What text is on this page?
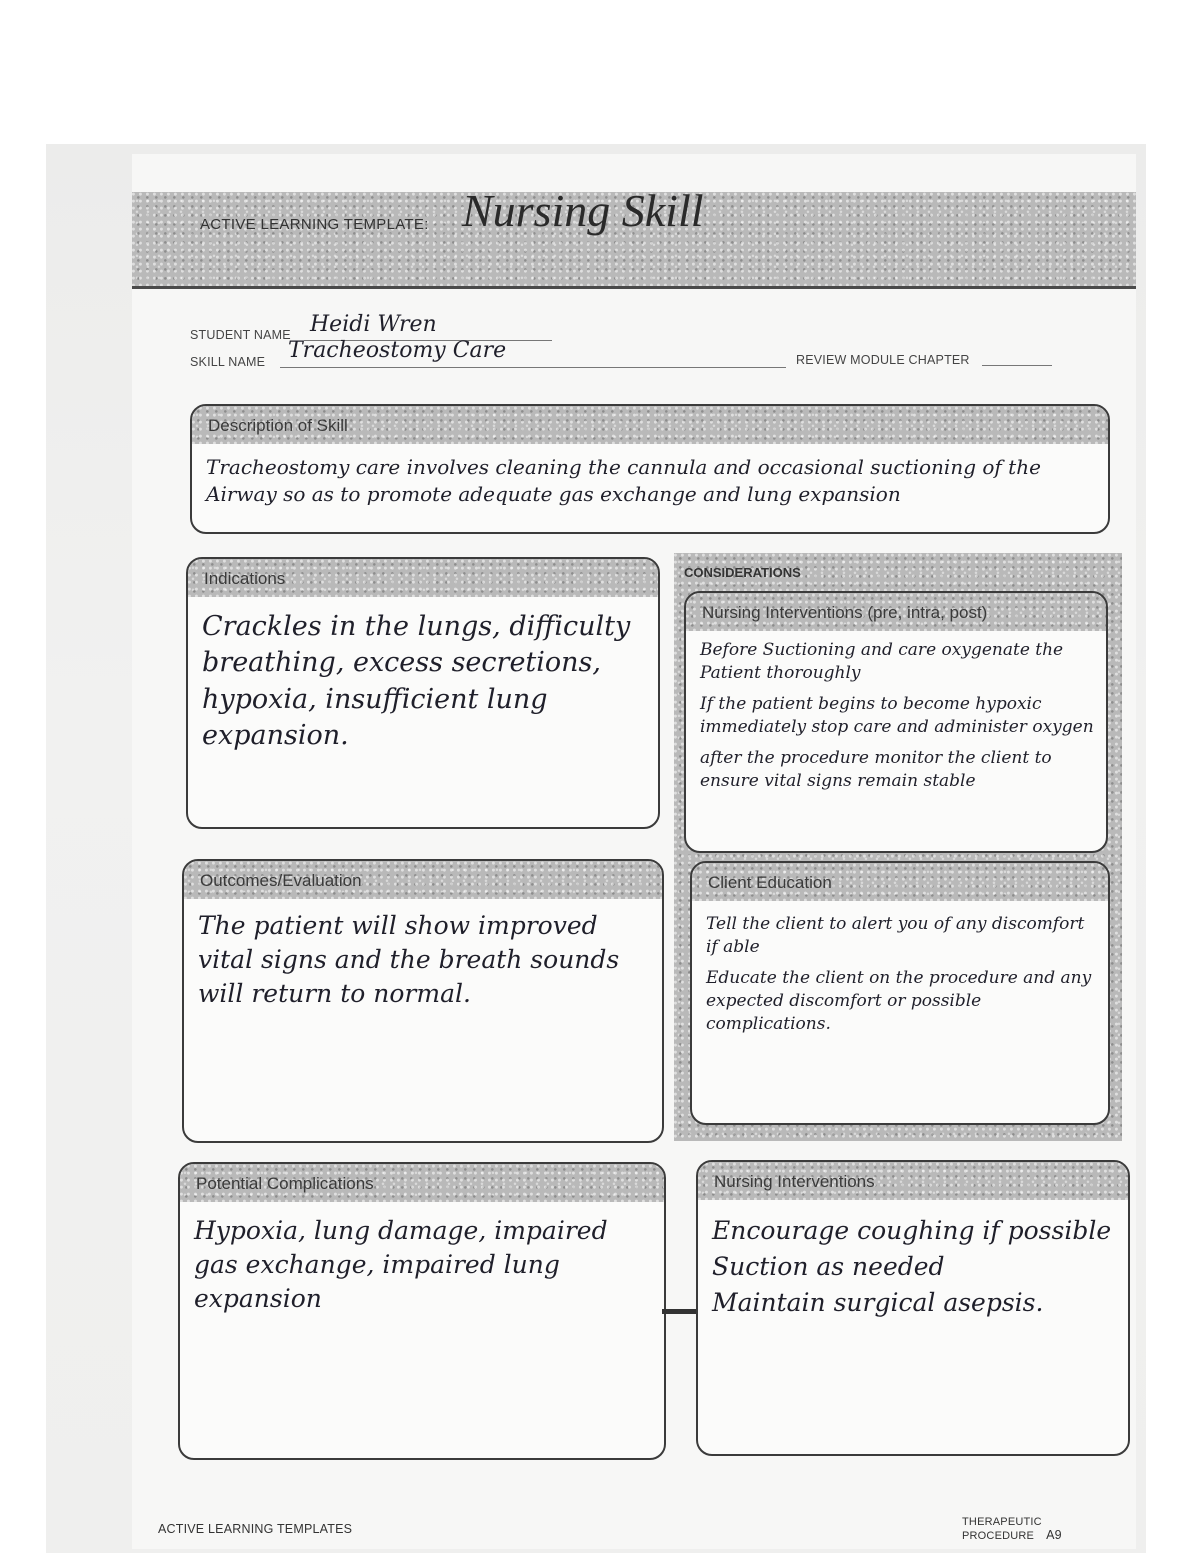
ACTIVE LEARNING TEMPLATE: Nursing Skill
STUDENT NAME Heidi Wren
SKILL NAME Tracheostomy Care	REVIEW MODULE CHAPTER
Description of Skill
Tracheostomy care involves cleaning the cannula and occasional suctioning of the Airway so as to promote adequate gas exchange and lung expansion
Indications
Crackles in the lungs, difficulty breathing, excess secretions, hypoxia, insufficient lung expansion.
CONSIDERATIONS
Nursing Interventions (pre, intra, post)
Before Suctioning and care oxygenate the Patient thoroughly
If the patient begins to become hypoxic immediately stop care and administer oxygen
after the procedure monitor the client to ensure vital signs remain stable
Client Education
Tell the client to alert you of any discomfort if able
Educate the client on the procedure and any expected discomfort or possible complications.
Outcomes/Evaluation
The patient will show improved vital signs and the breath sounds will return to normal.
Potential Complications
Hypoxia, lung damage, impaired gas exchange, impaired lung expansion
Nursing Interventions
Encourage coughing if possible
Suction as needed
Maintain surgical asepsis.
ACTIVE LEARNING TEMPLATES	THERAPEUTIC PROCEDURE A9
